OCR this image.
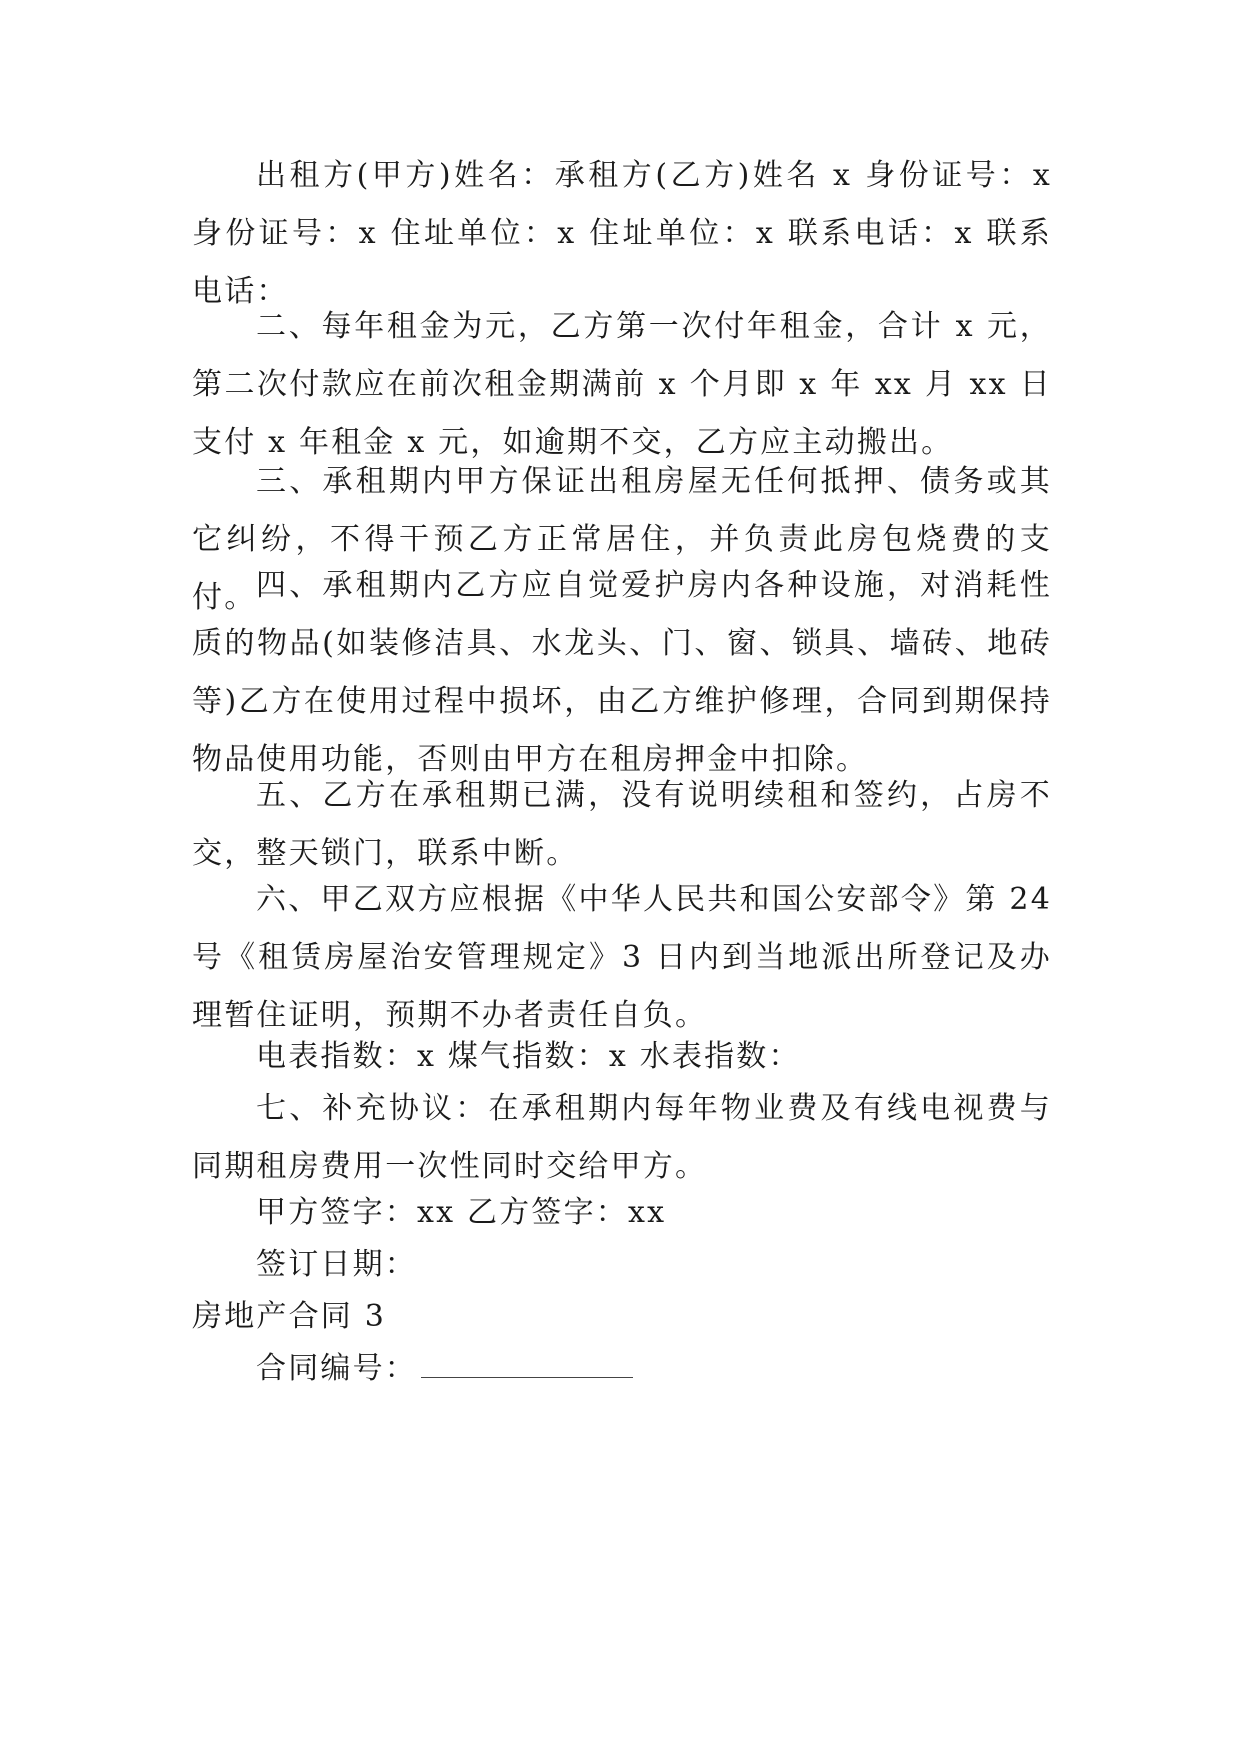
出租方(甲方)姓名：承租方(乙方)姓名 x 身份证号：x 身份证号：x 住址单位：x 住址单位：x 联系电话：x 联系电话：

二、每年租金为元，乙方第一次付年租金，合计 x 元，第二次付款应在前次租金期满前 x 个月即 x 年 xx 月 xx 日支付 x 年租金 x 元，如逾期不交，乙方应主动搬出。

三、承租期内甲方保证出租房屋无任何抵押、债务或其它纠纷，不得干预乙方正常居住，并负责此房包烧费的支付。 四、承租期内乙方应自觉爱护房内各种设施，对消耗性质的物品(如装修洁具、水龙头、门、窗、锁具、墙砖、地砖等)乙方在使用过程中损坏，由乙方维护修理，合同到期保持物品使用功能，否则由甲方在租房押金中扣除。

五、乙方在承租期已满，没有说明续租和签约，占房不交，整天锁门，联系中断。

六、甲乙双方应根据《中华人民共和国公安部令》第 24 号《租赁房屋治安管理规定》3 日内到当地派出所登记及办理暂住证明，预期不办者责任自负。

电表指数：x 煤气指数：x 水表指数：

七、补充协议：在承租期内每年物业费及有线电视费与同期租房费用一次性同时交给甲方。

甲方签字：xx 乙方签字：xx

签订日期：

房地产合同 3

合同编号：
